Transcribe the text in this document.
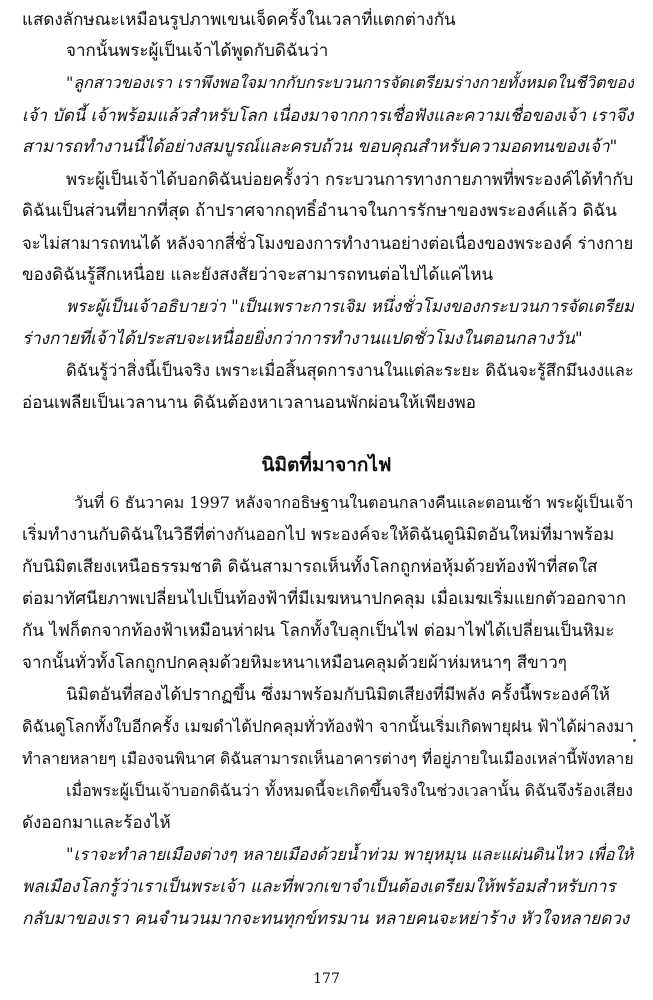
แสดงลักษณะเหมือนรูปภาพเขนเจ็ดครั้งในเวลาที่แตกต่างกัน
จากนั้นพระผู้เป็นเจ้าได้พูดกับดิฉันว่า
"ลูกสาวของเรา เราพึงพอใจมากกับกระบวนการจัดเตรียมร่างกายทั้งหมดในชีวิตของ
เจ้า บัดนี้ เจ้าพร้อมแล้วสำหรับโลก เนื่องมาจากการเชื่อฟังและความเชื่อของเจ้า เราจึง
สามารถทำงานนี้ได้อย่างสมบูรณ์และครบถ้วน ขอบคุณสำหรับความอดทนของเจ้า"
พระผู้เป็นเจ้าได้บอกดิฉันบ่อยครั้งว่า กระบวนการทางกายภาพที่พระองค์ได้ทำกับ
ดิฉันเป็นส่วนที่ยากที่สุด ถ้าปราศจากฤทธิ์อำนาจในการรักษาของพระองค์แล้ว ดิฉัน
จะไม่สามารถทนได้ หลังจากสี่ชั่วโมงของการทำงานอย่างต่อเนื่องของพระองค์ ร่างกาย
ของดิฉันรู้สึกเหนื่อย และยังสงสัยว่าจะสามารถทนต่อไปได้แค่ไหน
พระผู้เป็นเจ้าอธิบายว่า "เป็นเพราะการเจิม หนึ่งชั่วโมงของกระบวนการจัดเตรียม
ร่างกายที่เจ้าได้ประสบจะเหนื่อยยิ่งกว่าการทำงานแปดชั่วโมงในตอนกลางวัน"
ดิฉันรู้ว่าสิ่งนี้เป็นจริง เพราะเมื่อสิ้นสุดการงานในแต่ละระยะ ดิฉันจะรู้สึกมึนงงและ
อ่อนเพลียเป็นเวลานาน ดิฉันต้องหาเวลานอนพักผ่อนให้เพียงพอ
นิมิตที่มาจากไฟ
วันที่ 6 ธันวาคม 1997 หลังจากอธิษฐานในตอนกลางคืนและตอนเช้า พระผู้เป็นเจ้า
เริ่มทำงานกับดิฉันในวิธีที่ต่างกันออกไป พระองค์จะให้ดิฉันดูนิมิตอันใหม่ที่มาพร้อม
กับนิมิตเสียงเหนือธรรมชาติ ดิฉันสามารถเห็นทั้งโลกถูกห่อหุ้มด้วยท้องฟ้าที่สดใส
ต่อมาทัศนียภาพเปลี่ยนไปเป็นท้องฟ้าที่มีเมฆหนาปกคลุม เมื่อเมฆเริ่มแยกตัวออกจาก
กัน ไฟก็ตกจากท้องฟ้าเหมือนห่าฝน โลกทั้งใบลุกเป็นไฟ ต่อมาไฟได้เปลี่ยนเป็นหิมะ
จากนั้นทั่วทั้งโลกถูกปกคลุมด้วยหิมะหนาเหมือนคลุมด้วยผ้าห่มหนาๆ สีขาวๆ
นิมิตอันที่สองได้ปรากฏขึ้น ซึ่งมาพร้อมกับนิมิตเสียงที่มีพลัง ครั้งนี้พระองค์ให้
ดิฉันดูโลกทั้งใบอีกครั้ง เมฆดำได้ปกคลุมทั่วท้องฟ้า จากนั้นเริ่มเกิดพายุฝน ฟ้าได้ผ่าลงมา
ทำลายหลายๆ เมืองจนพินาศ ดิฉันสามารถเห็นอาคารต่างๆ ที่อยู่ภายในเมืองเหล่านี้พังทลาย
เมื่อพระผู้เป็นเจ้าบอกดิฉันว่า ทั้งหมดนี้จะเกิดขึ้นจริงในช่วงเวลานั้น ดิฉันจึงร้องเสียง
ดังออกมาและร้องไห้
"เราจะทำลายเมืองต่างๆ หลายเมืองด้วยน้ำท่วม พายุหมุน และแผ่นดินไหว เพื่อให้
พลเมืองโลกรู้ว่าเราเป็นพระเจ้า และที่พวกเขาจำเป็นต้องเตรียมให้พร้อมสำหรับการ
กลับมาของเรา คนจำนวนมากจะทนทุกข์ทรมาน หลายคนจะหย่าร้าง หัวใจหลายดวง
177
